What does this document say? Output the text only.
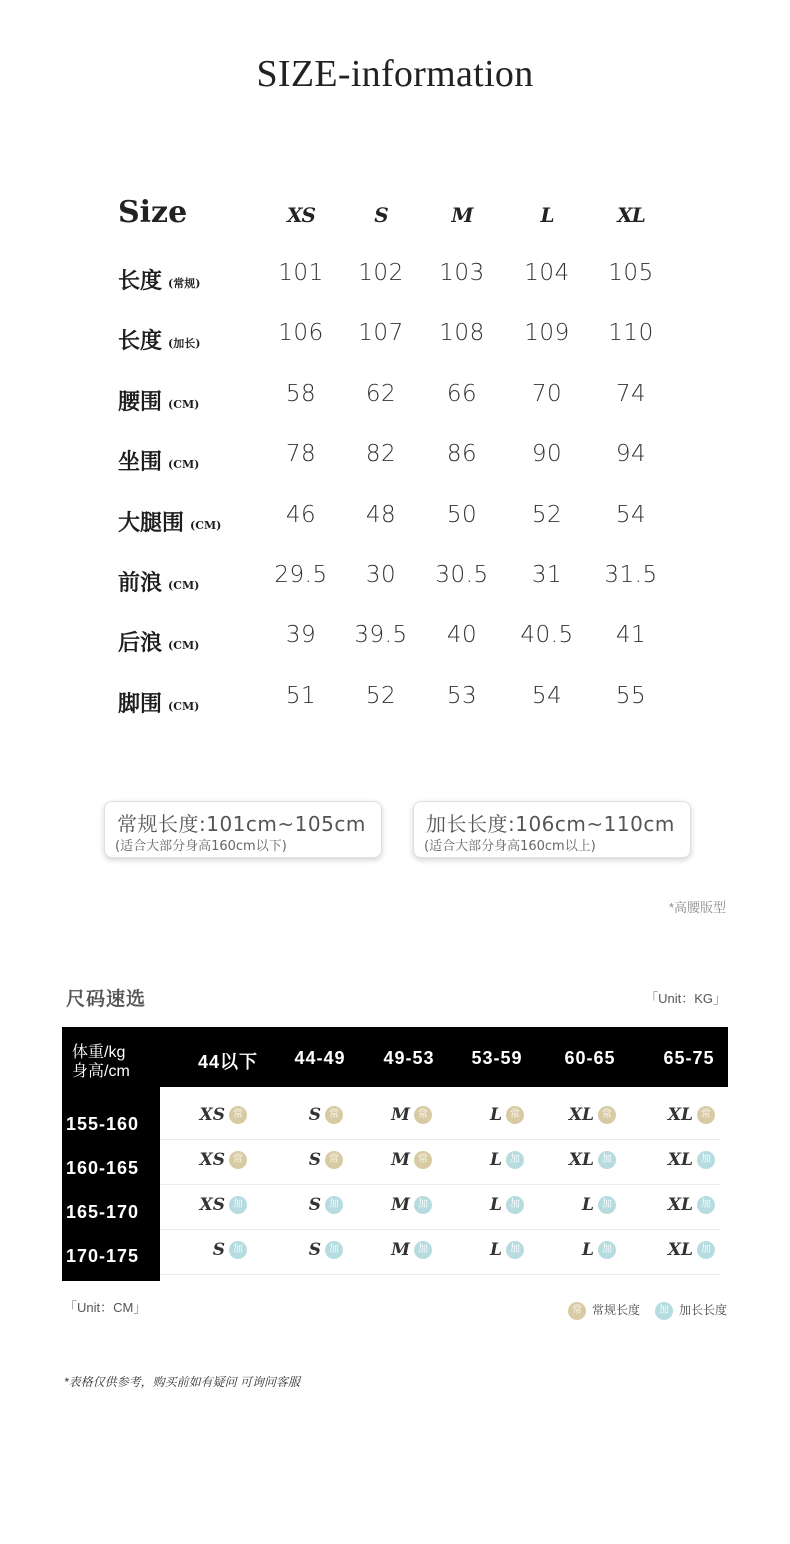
SIZE-information
Size	XS	S	M	L	XL
长度 (常规)	101	102	103	104	105
长度 (加长)	106	107	108	109	110
腰围 (CM)	58	62	66	70	74
坐围 (CM)	78	82	86	90	94
大腿围 (CM)	46	48	50	52	54
前浪 (CM)	29.5	30	30.5	31	31.5
后浪 (CM)	39	39.5	40	40.5	41
脚围 (CM)	51	52	53	54	55
常规长度:101cm~105cm
(适合大部分身高160cm以下)
加长长度:106cm~110cm
(适合大部分身高160cm以上)
*高腰版型
尺码速选	「Unit：KG」
体重/kg
身高/cm	44以下	44-49	49-53	53-59	60-65	65-75
155-160	XS 常	S 常	M 常	L 常	XL 常	XL 常
160-165	XS 常	S 常	M 常	L 加	XL 加	XL 加
165-170	XS 加	S 加	M 加	L 加	L 加	XL 加
170-175	S 加	S 加	M 加	L 加	L 加	XL 加
「Unit：CM」	常 常规长度	加 加长长度
*表格仅供参考，购买前如有疑问 可询问客服
